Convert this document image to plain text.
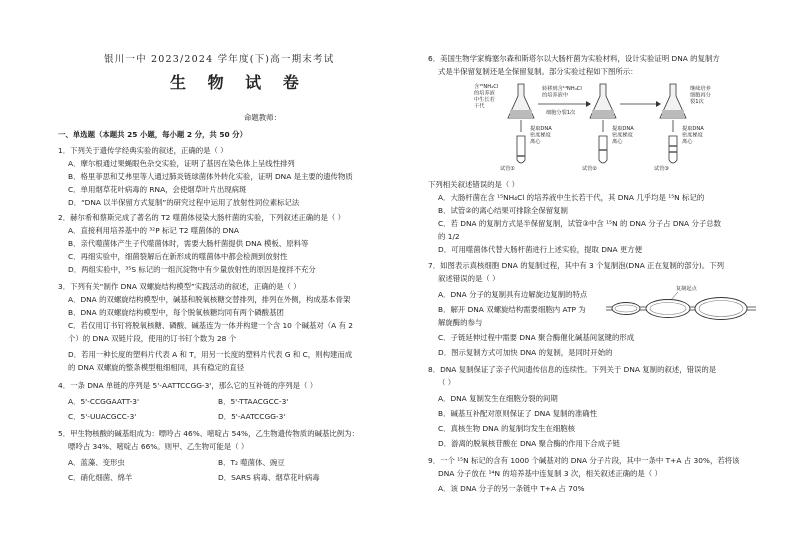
银川一中 2023/2024 学年度(下)高一期末考试
生 物 试 卷
命题教师：
一、单选题（本题共 25 小题，每小题 2 分，共 50 分）
1．下列关于遗传学经典实验的叙述，正确的是（ ）
A．摩尔根通过果蝇眼色杂交实验，证明了基因在染色体上呈线性排列
B．格里菲思和艾弗里等人通过肺炎链球菌体外转化实验，证明 DNA 是主要的遗传物质
C．单用烟草花叶病毒的 RNA，会使烟草叶片出现病斑
D．“DNA 以半保留方式复制”的研究过程中运用了放射性同位素标记法
2．赫尔希和蔡斯完成了著名的 T2 噬菌体侵染大肠杆菌的实验，下列叙述正确的是（ ）
A．直接利用培养基中的 ³²P 标记 T2 噬菌体的 DNA
B．亲代噬菌体产生子代噬菌体时，需要大肠杆菌提供 DNA 模板、原料等
C．再细实验中，细菌裂解后在新形成的噬菌体中都会检测到放射性
D．两组实验中，³⁵S 标记的一组沉淀物中有少量放射性的原因是搅拌不充分
3．下列有关“制作 DNA 双螺旋结构模型”实践活动的叙述，正确的是（ ）
A．DNA 的双螺旋结构模型中，碱基和脱氧核糖交替排列，排列在外侧，构成基本骨架
B．DNA 的双螺旋结构模型中，每个脱氧核糖均同有两个磷酸基团
C．若仅用订书钉将脱氧核糖、磷酸、碱基连为一体并构建一个含 10 个碱基对（A 有 2
个）的 DNA 双链片段，使用的订书钉个数为 28 个
D．若用一种长度的塑料片代表 A 和 T，用另一长度的塑料片代表 G 和 C，则构建而成
的 DNA 双螺旋的整条模型粗细相同，具有稳定的直径
4．一条 DNA 单链的序列是 5'-AATTCCGG-3'，那么它的互补链的序列是（ ）
A．5'-CCGGAATT-3'	B．5'-TTAACGCC-3'
C．5'-UUACGCC-3'	D．5'-AATCCGG-3'
5．甲生物核酸的碱基组成为：嘌呤占 46%、嘧啶占 54%，乙生物遗传物质的碱基比例为：
嘌呤占 34%、嘧啶占 66%。则甲、乙生物可能是（ ）
A．蓝藻、变形虫	B．T₂ 噬菌体、豌豆
C．硝化细菌、绵羊	D．SARS 病毒、烟草花叶病毒
6．美国生物学家梅塞尔森和斯塔尔以大肠杆菌为实验材料，设计实验证明 DNA 的复制方
式是半保留复制还是全保留复制。部分实验过程如下图所示：
含¹⁵NH₄Cl 的培养液中生长若干代
转移到含¹⁴NH₄Cl 的培养液中
细胞分裂1次
继续培养细胞再分裂1次
提取DNA 密度梯度离心
提取DNA 密度梯度离心
提取DNA 密度梯度离心
试管①	试管②	试管③
下列相关叙述错误的是（ ）
A．大肠杆菌在含 ¹⁵NH₄Cl 的培养液中生长若干代，其 DNA 几乎均是 ¹⁵N 标记的
B．试管②的离心结果可排除全保留复制
C．若 DNA 的复制方式是半保留复制，试管③中含 ¹⁵N 的 DNA 分子占 DNA 分子总数
的 1/2
D．可用噬菌体代替大肠杆菌进行上述实验，提取 DNA 更方便
7．如图表示真核细胞 DNA 的复制过程，其中有 3 个复制泡(DNA 正在复制的部分)。下列
叙述错误的是（ ）
A．DNA 分子的复制具有边解旋边复制的特点
B．解开 DNA 双螺旋结构需要细胞内 ATP 为
解旋酶的参与
复制起点
C．子链延伸过程中需要 DNA 聚合酶催化碱基间氢键的形成
D．图示复制方式可加快 DNA 的复制，是同时开始的
8．DNA 复制保证了亲子代间遗传信息的连续性。下列关于 DNA 复制的叙述，错误的是
（ ）
A．DNA 复制发生在细胞分裂的间期
B．碱基互补配对原则保证了 DNA 复制的准确性
C．真核生物 DNA 的复制均发生在细胞核
D．游离的脱氧核苷酸在 DNA 聚合酶的作用下合成子链
9．一个 ¹⁵N 标记的含有 1000 个碱基对的 DNA 分子片段，其中一条中 T+A 占 30%，若将该
DNA 分子放在 ¹⁴N 的培养基中连复制 3 次，相关叙述正确的是（ ）
A．该 DNA 分子的另一条链中 T+A 占 70%
